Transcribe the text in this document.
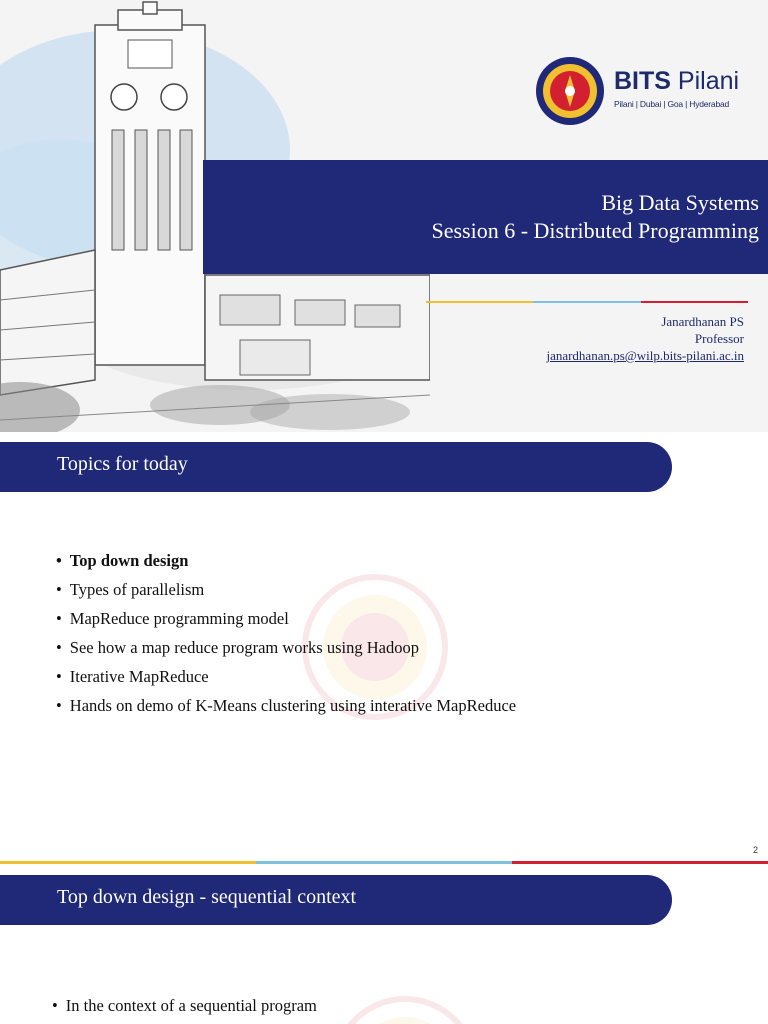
BITS Pilani
Pilani | Dubai | Goa | Hyderabad
Big Data Systems
Session 6 - Distributed Programming
Janardhanan PS
Professor
janardhanan.ps@wilp.bits-pilani.ac.in
Topics for today
• Top down design
• Types of parallelism
• MapReduce programming model
• See how a map reduce program works using Hadoop
• Iterative MapReduce
• Hands on demo of K-Means clustering using interative MapReduce
2
Top down design - sequential context
• In the context of a sequential program
